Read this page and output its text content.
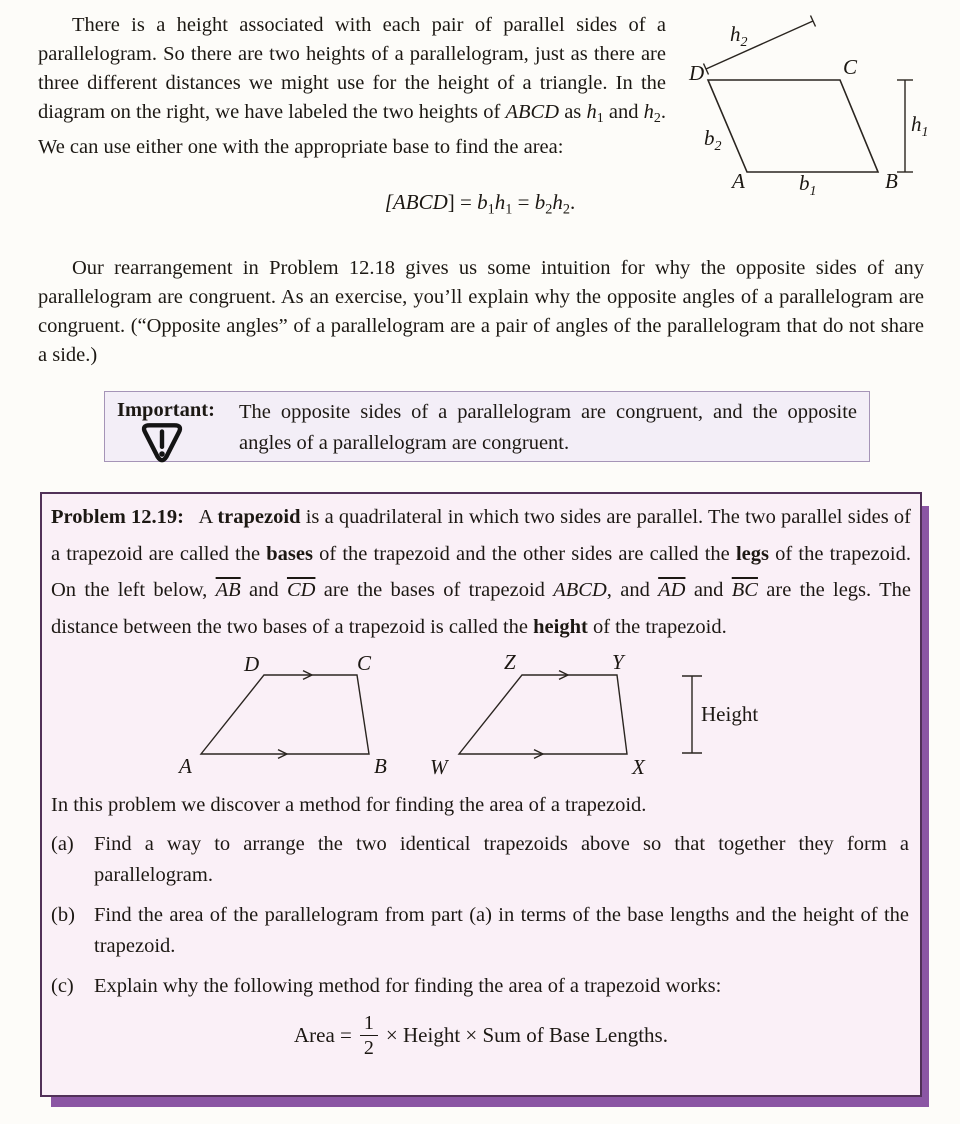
There is a height associated with each pair of parallel sides of a parallelogram. So there are two heights of a parallelogram, just as there are three different distances we might use for the height of a triangle. In the diagram on the right, we have labeled the two heights of ABCD as $h_1$ and $h_2$. We can use either one with the appropriate base to find the area:

D	C
A	B
$h_2$
$h_1$
$b_2$
$b_1$
[ABCD] = $b_1h_1 = b_2h_2$.

Our rearrangement in Problem 12.18 gives us some intuition for why the opposite sides of any parallelogram are congruent. As an exercise, you’ll explain why the opposite angles of a parallelogram are congruent. (“Opposite angles” of a parallelogram are a pair of angles of the parallelogram that do not share a side.)

Important: The opposite sides of a parallelogram are congruent, and the opposite angles of a parallelogram are congruent.

Problem 12.19:   A trapezoid is a quadrilateral in which two sides are parallel. The two parallel sides of a trapezoid are called the bases of the trapezoid and the other sides are called the legs of the trapezoid. On the left below, $\overline{AB}$ and $\overline{CD}$ are the bases of trapezoid ABCD, and $\overline{AD}$ and $\overline{BC}$ are the legs. The distance between the two bases of a trapezoid is called the height of the trapezoid.

D	C
A	B
Z	Y
W	X
Height

In this problem we discover a method for finding the area of a trapezoid.

(a) Find a way to arrange the two identical trapezoids above so that together they form a parallelogram.

(b) Find the area of the parallelogram from part (a) in terms of the base lengths and the height of the trapezoid.

(c) Explain why the following method for finding the area of a trapezoid works:

Area = $\frac{1}{2}$ × Height × Sum of Base Lengths.
